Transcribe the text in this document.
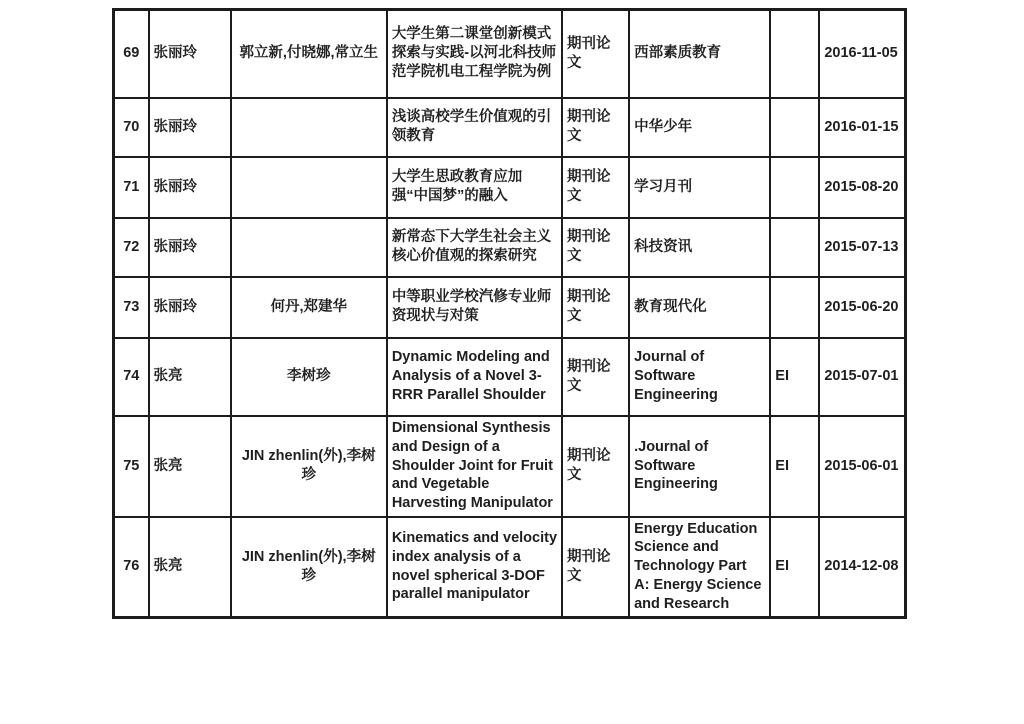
69	张丽玲	郭立新,付晓娜,常立生	大学生第二课堂创新模式探索与实践-以河北科技师范学院机电工程学院为例	期刊论文	西部素质教育		2016-11-05
70	张丽玲		浅谈高校学生价值观的引领教育	期刊论文	中华少年		2016-01-15
71	张丽玲		大学生思政教育应加强“中国梦”的融入	期刊论文	学习月刊		2015-08-20
72	张丽玲		新常态下大学生社会主义核心价值观的探索研究	期刊论文	科技资讯		2015-07-13
73	张丽玲	何丹,郑建华	中等职业学校汽修专业师资现状与对策	期刊论文	教育现代化		2015-06-20
74	张亮	李树珍	Dynamic Modeling and Analysis of a Novel 3-RRR Parallel Shoulder	期刊论文	Journal of Software Engineering	EI	2015-07-01
75	张亮	JIN zhenlin(外),李树珍	Dimensional Synthesis and Design of a Shoulder Joint for Fruit and Vegetable Harvesting Manipulator	期刊论文	.Journal of Software Engineering	EI	2015-06-01
76	张亮	JIN zhenlin(外),李树珍	Kinematics and velocity index analysis of a novel spherical 3-DOF parallel manipulator	期刊论文	Energy Education Science and Technology Part A: Energy Science and Research	EI	2014-12-08
